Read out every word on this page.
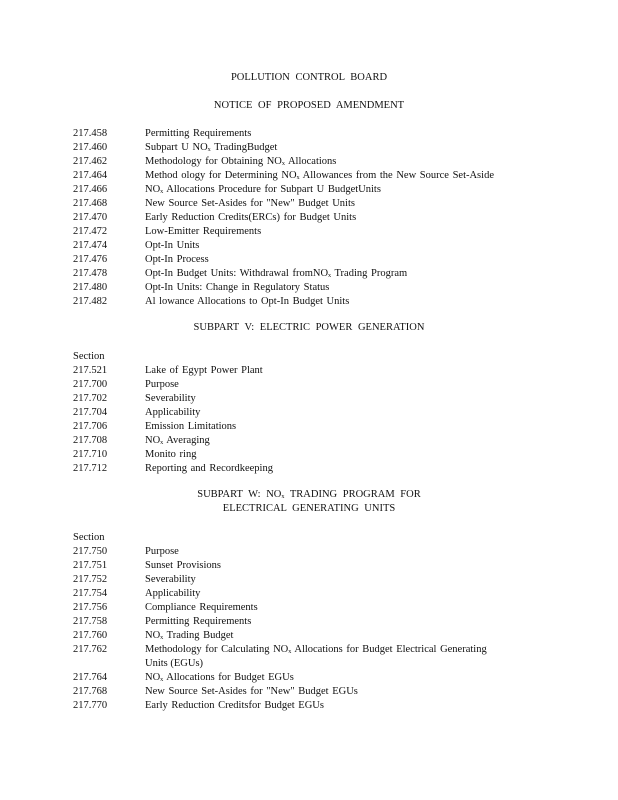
POLLUTION CONTROL BOARD
NOTICE OF PROPOSED AMENDMENT
217.458	Permitting Requirements
217.460	Subpart U NOₓ TradingBudget
217.462	Methodology for Obtaining NOₓ Allocations
217.464	Method ology for Determining NOₓ Allowances from the New Source Set-Aside
217.466	NOₓ Allocations Procedure for Subpart U BudgetUnits
217.468	New Source Set-Asides for "New" Budget Units
217.470	Early Reduction Credits(ERCs) for Budget Units
217.472	Low-Emitter Requirements
217.474	Opt-In Units
217.476	Opt-In Process
217.478	Opt-In Budget Units: Withdrawal fromNOₓ Trading Program
217.480	Opt-In Units: Change in Regulatory Status
217.482	Al lowance Allocations to Opt-In Budget Units
SUBPART V: ELECTRIC POWER GENERATION
Section
217.521	Lake of Egypt Power Plant
217.700	Purpose
217.702	Severability
217.704	Applicability
217.706	Emission Limitations
217.708	NOₓ Averaging
217.710	Monito ring
217.712	Reporting and Recordkeeping
SUBPART W: NOₓ TRADING PROGRAM FOR
ELECTRICAL GENERATING UNITS
Section
217.750	Purpose
217.751	Sunset Provisions
217.752	Severability
217.754	Applicability
217.756	Compliance Requirements
217.758	Permitting Requirements
217.760	NOₓ Trading Budget
217.762	Methodology for Calculating NOₓ Allocations for Budget Electrical Generating
Units (EGUs)
217.764	NOₓ Allocations for Budget EGUs
217.768	New Source Set-Asides for "New" Budget EGUs
217.770	Early Reduction Creditsfor Budget EGUs
